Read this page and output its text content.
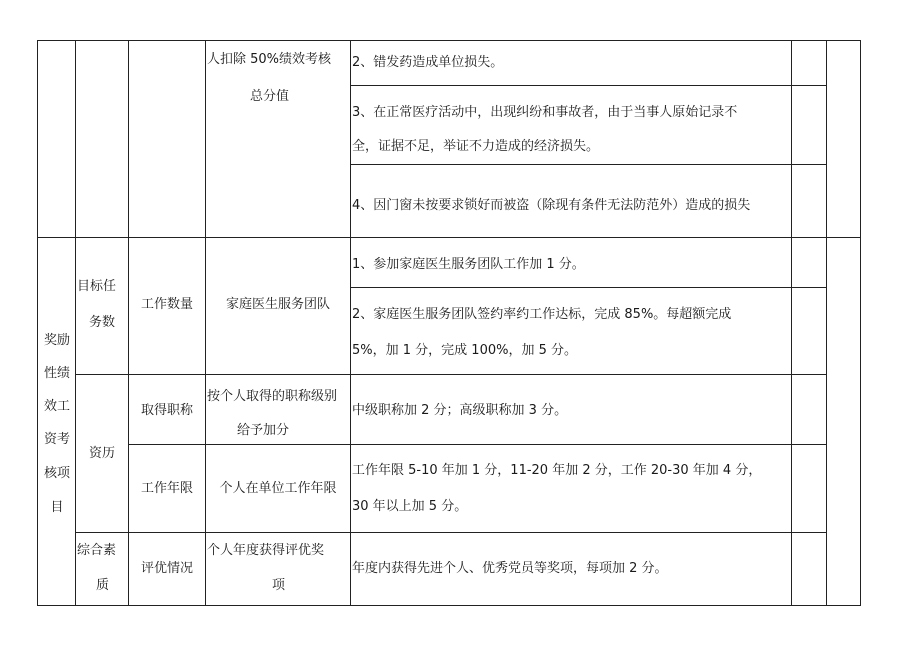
人扣除 50%绩效考核
总分值
2、错发药造成单位损失。
3、在正常医疗活动中，出现纠纷和事故者，由于当事人原始记录不
全，证据不足，举证不力造成的经济损失。
4、因门窗未按要求锁好而被盗（除现有条件无法防范外）造成的损失
奖励
性绩
效工
资考
核项
目
目标任
务数
工作数量	家庭医生服务团队
1、参加家庭医生服务团队工作加 1 分。
2、家庭医生服务团队签约率约工作达标，完成 85%。每超额完成
5%，加 1 分，完成 100%，加 5 分。
资历
取得职称
按个人取得的职称级别
给予加分
中级职称加 2 分；高级职称加 3 分。
工作年限	个人在单位工作年限
工作年限 5-10 年加 1 分，11-20 年加 2 分，工作 20-30 年加 4 分，
30 年以上加 5 分。
综合素
质
评优情况
个人年度获得评优奖
项
年度内获得先进个人、优秀党员等奖项，每项加 2 分。
